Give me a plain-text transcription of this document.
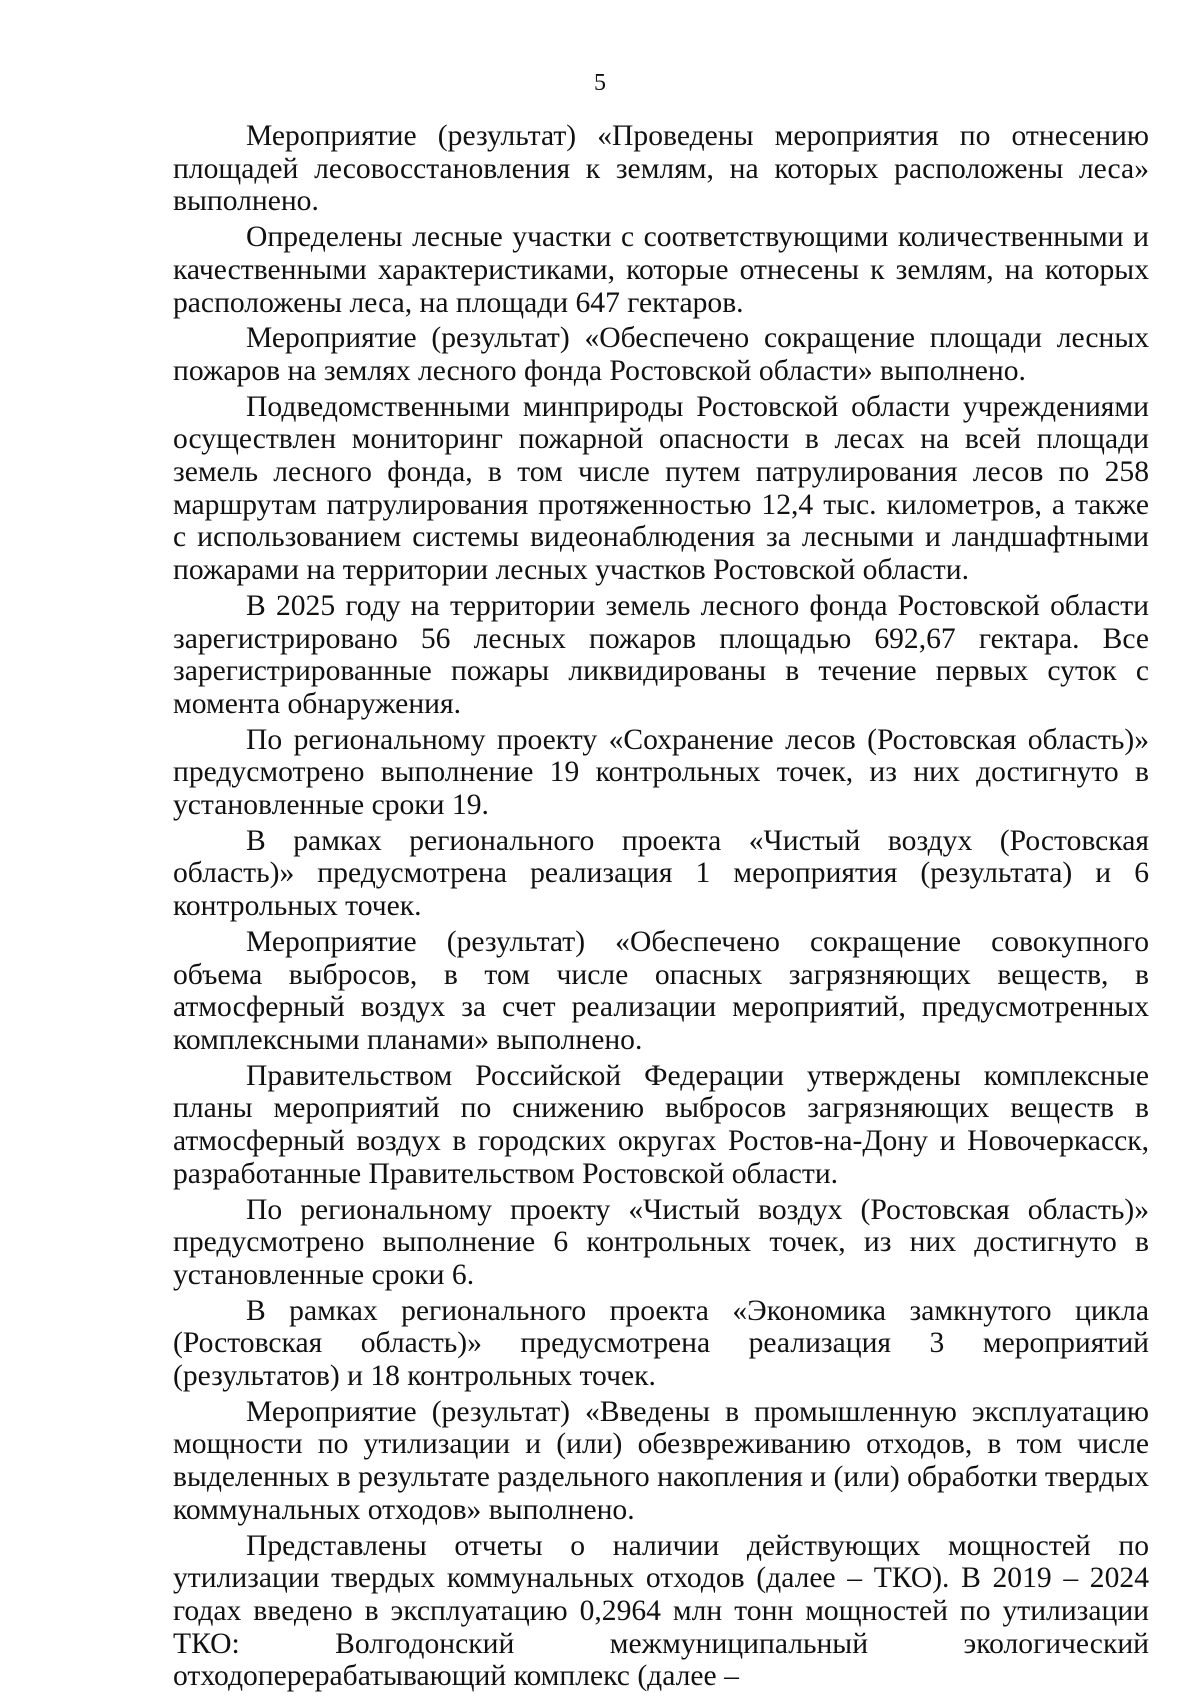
5

Мероприятие (результат) «Проведены мероприятия по отнесению площадей лесовосстановления к землям, на которых расположены леса» выполнено.

Определены лесные участки с соответствующими количественными и качественными характеристиками, которые отнесены к землям, на которых расположены леса, на площади 647 гектаров.

Мероприятие (результат) «Обеспечено сокращение площади лесных пожаров на землях лесного фонда Ростовской области» выполнено.

Подведомственными минприроды Ростовской области учреждениями осуществлен мониторинг пожарной опасности в лесах на всей площади земель лесного фонда, в том числе путем патрулирования лесов по 258 маршрутам патрулирования протяженностью 12,4 тыс. километров, а также с использованием системы видеонаблюдения за лесными и ландшафтными пожарами на территории лесных участков Ростовской области.

В 2025 году на территории земель лесного фонда Ростовской области зарегистрировано 56 лесных пожаров площадью 692,67 гектара. Все зарегистрированные пожары ликвидированы в течение первых суток с момента обнаружения.

По региональному проекту «Сохранение лесов (Ростовская область)» предусмотрено выполнение 19 контрольных точек, из них достигнуто в установленные сроки 19.

В рамках регионального проекта «Чистый воздух (Ростовская область)» предусмотрена реализация 1 мероприятия (результата) и 6 контрольных точек.

Мероприятие (результат) «Обеспечено сокращение совокупного объема выбросов, в том числе опасных загрязняющих веществ, в атмосферный воздух за счет реализации мероприятий, предусмотренных комплексными планами» выполнено.

Правительством Российской Федерации утверждены комплексные планы мероприятий по снижению выбросов загрязняющих веществ в атмосферный воздух в городских округах Ростов-на-Дону и Новочеркасск, разработанные Правительством Ростовской области.

По региональному проекту «Чистый воздух (Ростовская область)» предусмотрено выполнение 6 контрольных точек, из них достигнуто в установленные сроки 6.

В рамках регионального проекта «Экономика замкнутого цикла (Ростовская область)» предусмотрена реализация 3 мероприятий (результатов) и 18 контрольных точек.

Мероприятие (результат) «Введены в промышленную эксплуатацию мощности по утилизации и (или) обезвреживанию отходов, в том числе выделенных в результате раздельного накопления и (или) обработки твердых коммунальных отходов» выполнено.

Представлены отчеты о наличии действующих мощностей по утилизации твердых коммунальных отходов (далее – ТКО). В 2019 – 2024 годах введено в эксплуатацию 0,2964 млн тонн мощностей по утилизации ТКО: Волгодонский межмуниципальный экологический отходоперерабатывающий комплекс (далее –
